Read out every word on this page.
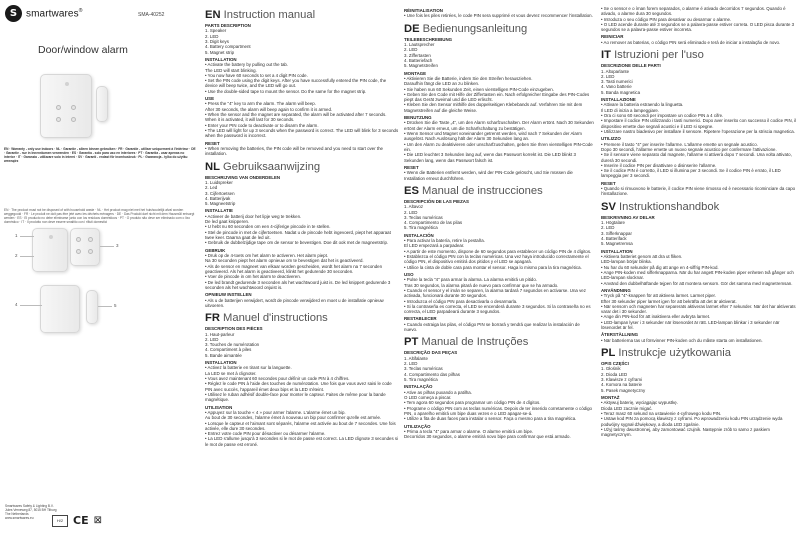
S smartwares®
SMA-40252
Door/window alarm
EN · Warranty - only use indoors · NL · Garantie - alleen binnen gebruiken · FR · Garantie - utiliser uniquement à l'intérieur · DE · Garantie - nur in Innenräumen verwenden · ES · Garantía - solo para uso en interiores · PT · Garantia - usar apenas no interior · IT · Garanzia - utilizzare solo in interni · SV · Garanti - endast för inomhusbruk · PL · Gwarancja - tylko do użytku wewnątrz
EN · The product must not be disposed of with household waste · NL · Het product mag niet met het huishoudelijk afval worden weggegooid · FR · Le produit ne doit pas être jeté avec les déchets ménagers · DE · Das Produkt darf nicht mit dem Hausmüll entsorgt werden · ES · El producto no debe eliminarse junto con los residuos domésticos · PT · O produto não deve ser eliminado com o lixo doméstico · IT · Il prodotto non deve essere smaltito con i rifiuti domestici
1
2
3
4	5
Smartwares Safety & Lighting B.V.
Jules Verneweg 87, 5015 BH Tilburg
The Netherlands
www.smartwares.eu	H/2 CE ⊠
EN Instruction manual
PARTS DESCRIPTION
1. Speaker
2. LED
3. Digit keys
4. Battery compartment
5. Magnet strip
INSTALLATION
• Activate the battery by pulling out the tab.
The LED will start blinking.
• You now have 60 seconds to set a 4 digit PIN code.
• Set the PIN code using the digit keys. After you have successfully entered the PIN code, the device will beep twice, and the LED will go out.
• Use the double-sided tape to mount the sensor. Do the same for the magnet strip.
USE
• Press the "4" key to arm the alarm. The alarm will beep.
After 30 seconds, the alarm will beep again to confirm it is armed.
• When the sensor and the magnet are separated, the alarm will be activated after 7 seconds. When it is activated, it will last for 30 seconds.
• Enter your PIN code to deactivate or to disarm the alarm.
• The LED will light for up 3 seconds when the password is correct. The LED will blink for 3 seconds when the password is incorrect.
RESET
• When removing the batteries, the PIN code will be removed and you need to start over the installation.
NL Gebruiksaanwijzing
BESCHRIJVING VAN ONDERDELEN
1. Luidspreker
2. Led
3. Cijfertoetsen
4. Batterijvak
5. Magneetstrip
INSTALLATIE
• Activeer de batterij door het lipje weg te trekken.
De led gaat knipperen.
• U hebt nu 60 seconden om een 4-cijferige pincode in te stellen.
• Stel de pincode in met de cijfertoetsen. Nadat u de pincode hebt ingevoerd, piept het apparaat twee keer. Daarna gaat de led uit.
• Gebruik de dubbelzijdige tape om de sensor te bevestigen. Doe dit ook met de magneetstrip.
GEBRUIK
• Druk op de 4-toets om het alarm te activeren. Het alarm piept.
Na 30 seconden piept het alarm opnieuw om te bevestigen dat het is geactiveerd.
• Als de sensor en magneet van elkaar worden gescheiden, wordt het alarm na 7 seconden geactiveerd. Als het alarm is geactiveerd, klinkt het gedurende 30 seconden.
• Voer de pincode in om het alarm te deactiveren.
• De led brandt gedurende 3 seconden als het wachtwoord juist is. De led knippert gedurende 3 seconden als het wachtwoord onjuist is.
OPNIEUW INSTELLEN
• Als u de batterijen verwijdert, wordt de pincode verwijderd en moet u de installatie opnieuw uitvoeren.
FR Manuel d'instructions
DESCRIPTION DES PIÈCES
1. Haut-parleur
2. LED
3. Touches de numérotation
4. Compartiment à piles
5. Bande aimantée
INSTALLATION
• Activez la batterie en tirant sur la languette.
La LED se met à clignoter.
• Vous avez maintenant 60 secondes pour définir un code PIN à 4 chiffres.
• Réglez le code PIN à l'aide des touches de numérotation. Une fois que vous avez saisi le code PIN avec succès, l'appareil émet deux bips et la LED s'éteint.
• Utilisez le ruban adhésif double-face pour monter le capteur. Faites de même pour la bande magnétique.
UTILISATION
• Appuyez sur la touche « 4 » pour armer l'alarme. L'alarme émet un bip.
Au bout de 30 secondes, l'alarme émet à nouveau un bip pour confirmer qu'elle est armée.
• Lorsque le capteur et l'aimant sont séparés, l'alarme est activée au bout de 7 secondes. Une fois activée, elle dure 30 secondes.
• Entrez votre code PIN pour désactiver ou désarmer l'alarme.
• La LED s'allume jusqu'à 3 secondes si le mot de passe est correct. La LED clignote 3 secondes si le mot de passe est erroné.
RÉINITIALISATION
• Une fois les piles retirées, le code PIN sera supprimé et vous devrez recommencer l'installation.
DE Bedienungsanleitung
TEILEBESCHREIBUNG
1. Lautsprecher
2. LED
3. Ziffertasten
4. Batteriefach
5. Magnetstreifen
MONTAGE
• Aktivieren Sie die Batterie, indem Sie den Streifen herausziehen.
Daraufhin fängt die LED an zu blinken.
• Sie haben nun 60 Sekunden Zeit, einen vierstelligen PIN-Code einzugeben.
• Geben Sie den Code mit Hilfe der Ziffertasten ein. Nach erfolgreicher Eingabe des PIN-Codes piept das Gerät zweimal und die LED erlischt.
• Kleben Sie den Sensor mithilfe des doppelseitigen Klebebands auf. Verfahren Sie mit dem Magnetstreifen auf die gleiche Weise.
BENUTZUNG
• Drücken Sie die Taste „4“, um den Alarm scharfzuschalten. Der Alarm ertönt. Nach 30 Sekunden ertönt der Alarm erneut, um die Scharfschaltung zu bestätigen.
• Wenn Sensor und Magnet voneinander getrennt werden, wird nach 7 Sekunden der Alarm ausgelöst. Nach Auslösung hält der Alarm 30 Sekunden lang an.
• Um den Alarm zu deaktivieren oder unscharfzuschalten, geben Sie Ihren vierstelligen PIN-Code ein.
• Die LED leuchtet 3 Sekunden lang auf, wenn das Passwort korrekt ist. Die LED blinkt 3 Sekunden lang, wenn das Passwort falsch ist.
RESET
• Wenn die Batterien entfernt werden, wird der PIN-Code gelöscht, und Sie müssen die Installation erneut durchführen.
ES Manual de instrucciones
DESCRIPCIÓN DE LAS PIEZAS
1. Altavoz
2. LED
3. Teclas numéricas
4. Compartimento de las pilas
5. Tira magnética
INSTALACIÓN
• Para activar la batería, retire la pestaña.
El LED empezará a parpadear.
• A partir de este momento, dispone de 60 segundos para establecer un código PIN de 4 dígitos.
• Establezca el código PIN con la teclas numéricas. Una vez haya introducido correctamente el código PIN, el dispositivo emitirá dos pitidos y el LED se apagará.
• Utilice la cinta de doble cara para montar el sensor. Haga lo mismo para la tira magnética.
USO
• Pulse la tecla "4" para armar la alarma. La alarma emitirá un pitido.
Tras 30 segundos, la alarma pitará de nuevo para confirmar que se ha armado.
• Cuando el sensor y el imán se separen, la alarma tardará 7 segundos en activarse. Una vez activada, funcionará durante 30 segundos.
• Introduzca el código PIN para desactivarla o desarmarla.
• Si la contraseña es correcta, el LED se encenderá durante 3 segundos. Si la contraseña no es correcta, el LED parpadeará durante 3 segundos.
RESTABLECER
• Cuando extraiga las pilas, el código PIN se borrará y tendrá que realizar la instalación de nuevo.
PT Manual de Instruções
DESCRIÇÃO DAS PEÇAS
1. Altifalante
2. LED
3. Teclas numéricas
4. Compartimento das pilhas
5. Tira magnética
INSTALAÇÃO
• Ative as pilhas puxando a patilha.
O LED começa a piscar.
• Tem agora 60 segundos para programar um código PIN de 4 dígitos.
• Programe o código PIN com as teclas numéricas. Depois de ter inserido corretamente o código PIN, o aparelho emitirá um bipe duas vezes e o LED apagar-se-á.
• Utilize a fita de duas faces para instalar o sensor. Faça o mesmo para a tira magnética.
UTILIZAÇÃO
• Prima a tecla "4" para armar o alarme. O alarme emitirá um bipe.
Decorridos 30 segundos, o alarme emitirá novo bipe para confirmar que está armado.
• Se o sensor e o íman forem separados, o alarme é ativado decorridos 7 segundos. Quando é ativado, o alarme dura 30 segundos.
• Introduza o seu código PIN para desativar ou desarmar o alarme.
• O LED acende durante até 3 segundos se a palavra-passe estiver correta. O LED pisca durante 3 segundos se a palavra-passe estiver incorreta.
REINICIAR
• Ao remover as baterias, o código PIN será eliminado e terá de iniciar a instalação de novo.
IT Istruzioni per l'uso
DESCRIZIONE DELLE PARTI
1. Altoparlante
2. LED
3. Tasti numerici
4. Vano batterie
5. Banda magnetica
INSTALLAZIONE
• Attivare la batteria estraendo la linguetta.
Il LED di inizia a lampeggiare.
• Ora ci sono 60 secondi per impostare un codice PIN a 4 cifre.
• Impostare il codice PIN utilizzando i tasti numerici. Dopo aver inserito con successo il codice PIN, il dispositivo emette due segnali acustici e il LED si spegne.
• Utilizzare nastro biadesivo per installare il sensore. Ripetere l'operazione per la striscia magnetica.
UTILIZZO
• Premere il tasto "4" per inserire l'allarme. L'allarme emette un segnale acustico.
Dopo 30 secondi, l'allarme emette un nuovo segnale acustico per confermare l'attivazione.
• Se il sensore viene separato dal magnete, l'allarme si attiverà dopo 7 secondi. Una volta attivato, durerà 30 secondi.
• Inserire il codice PIN per disattivare o disinserire l'allarme.
• Se il codice PIN è corretto, il LED si illumina per 3 secondi. Se il codice PIN è errato, il LED lampeggia per 3 secondi.
RESET
• Quando si rimuovono le batterie, il codice PIN viene rimosso ed è necessario ricominciare da capo l'installazione.
SV Instruktionshandbok
BESKRIVNING AV DELAR
1. Högtalare
2. LED
3. Sifferknappar
4. Batterifack
5. Magnetremsa
INSTALLATION
• Aktivera batteriet genom att dra ut fliken.
LED-lampan börjar blinka.
• Nu har du 60 sekunder på dig att ange en 4-siffrig PIN-kod.
• Ange PIN-koden med sifferknapparna. När du har angett PIN-koden piper enheten två gånger och LED-lampan slocknar.
• Använd den dubbelhäftande tejpen för att montera sensorn. Gör det samma med magnetremsan.
ANVÄNDNING
• Tryck på "4"-knappen för att aktivera larmet. Larmet piper.
Efter 30 sekunder piper larmet igen för att bekräfta att det är aktiverat.
• När sensorn och magneten har separerats aktiveras larmet efter 7 sekunder. När det har aktiverats varar det i 30 sekunder.
• Ange din PIN-kod för att inaktivera eller avbryta larmet.
• LED-lampan lyser i 3 sekunder när lösenordet är rätt. LED-lampan blinkar i 3 sekunder när lösenordet är fel.
ÅTERSTÄLLNING
• När batterierna tas ut försvinner PIN-koden och du måste starta om installationen.
PL Instrukcje użytkowania
OPIS CZĘŚCI
1. Głośnik
2. Dioda LED
3. Klawisze z cyframi
4. Komora na baterie
5. Pasek magnetyczny
MONTAŻ
• Aktywuj baterię, wyciągając wypustkę.
Dioda LED zacznie migać.
• Teraz masz 60 sekund na ustawienie 4-cyfrowego kodu PIN.
• Ustaw kod PIN za pomocą klawiszy z cyframi. Po wprowadzeniu kodu PIN urządzenie wyda podwójny sygnał dźwiękowy, a dioda LED zgaśnie.
• Użyj taśmy dwustronnej, aby zamontować czujnik. Następnie zrób to samo z paskiem magnetycznym.
